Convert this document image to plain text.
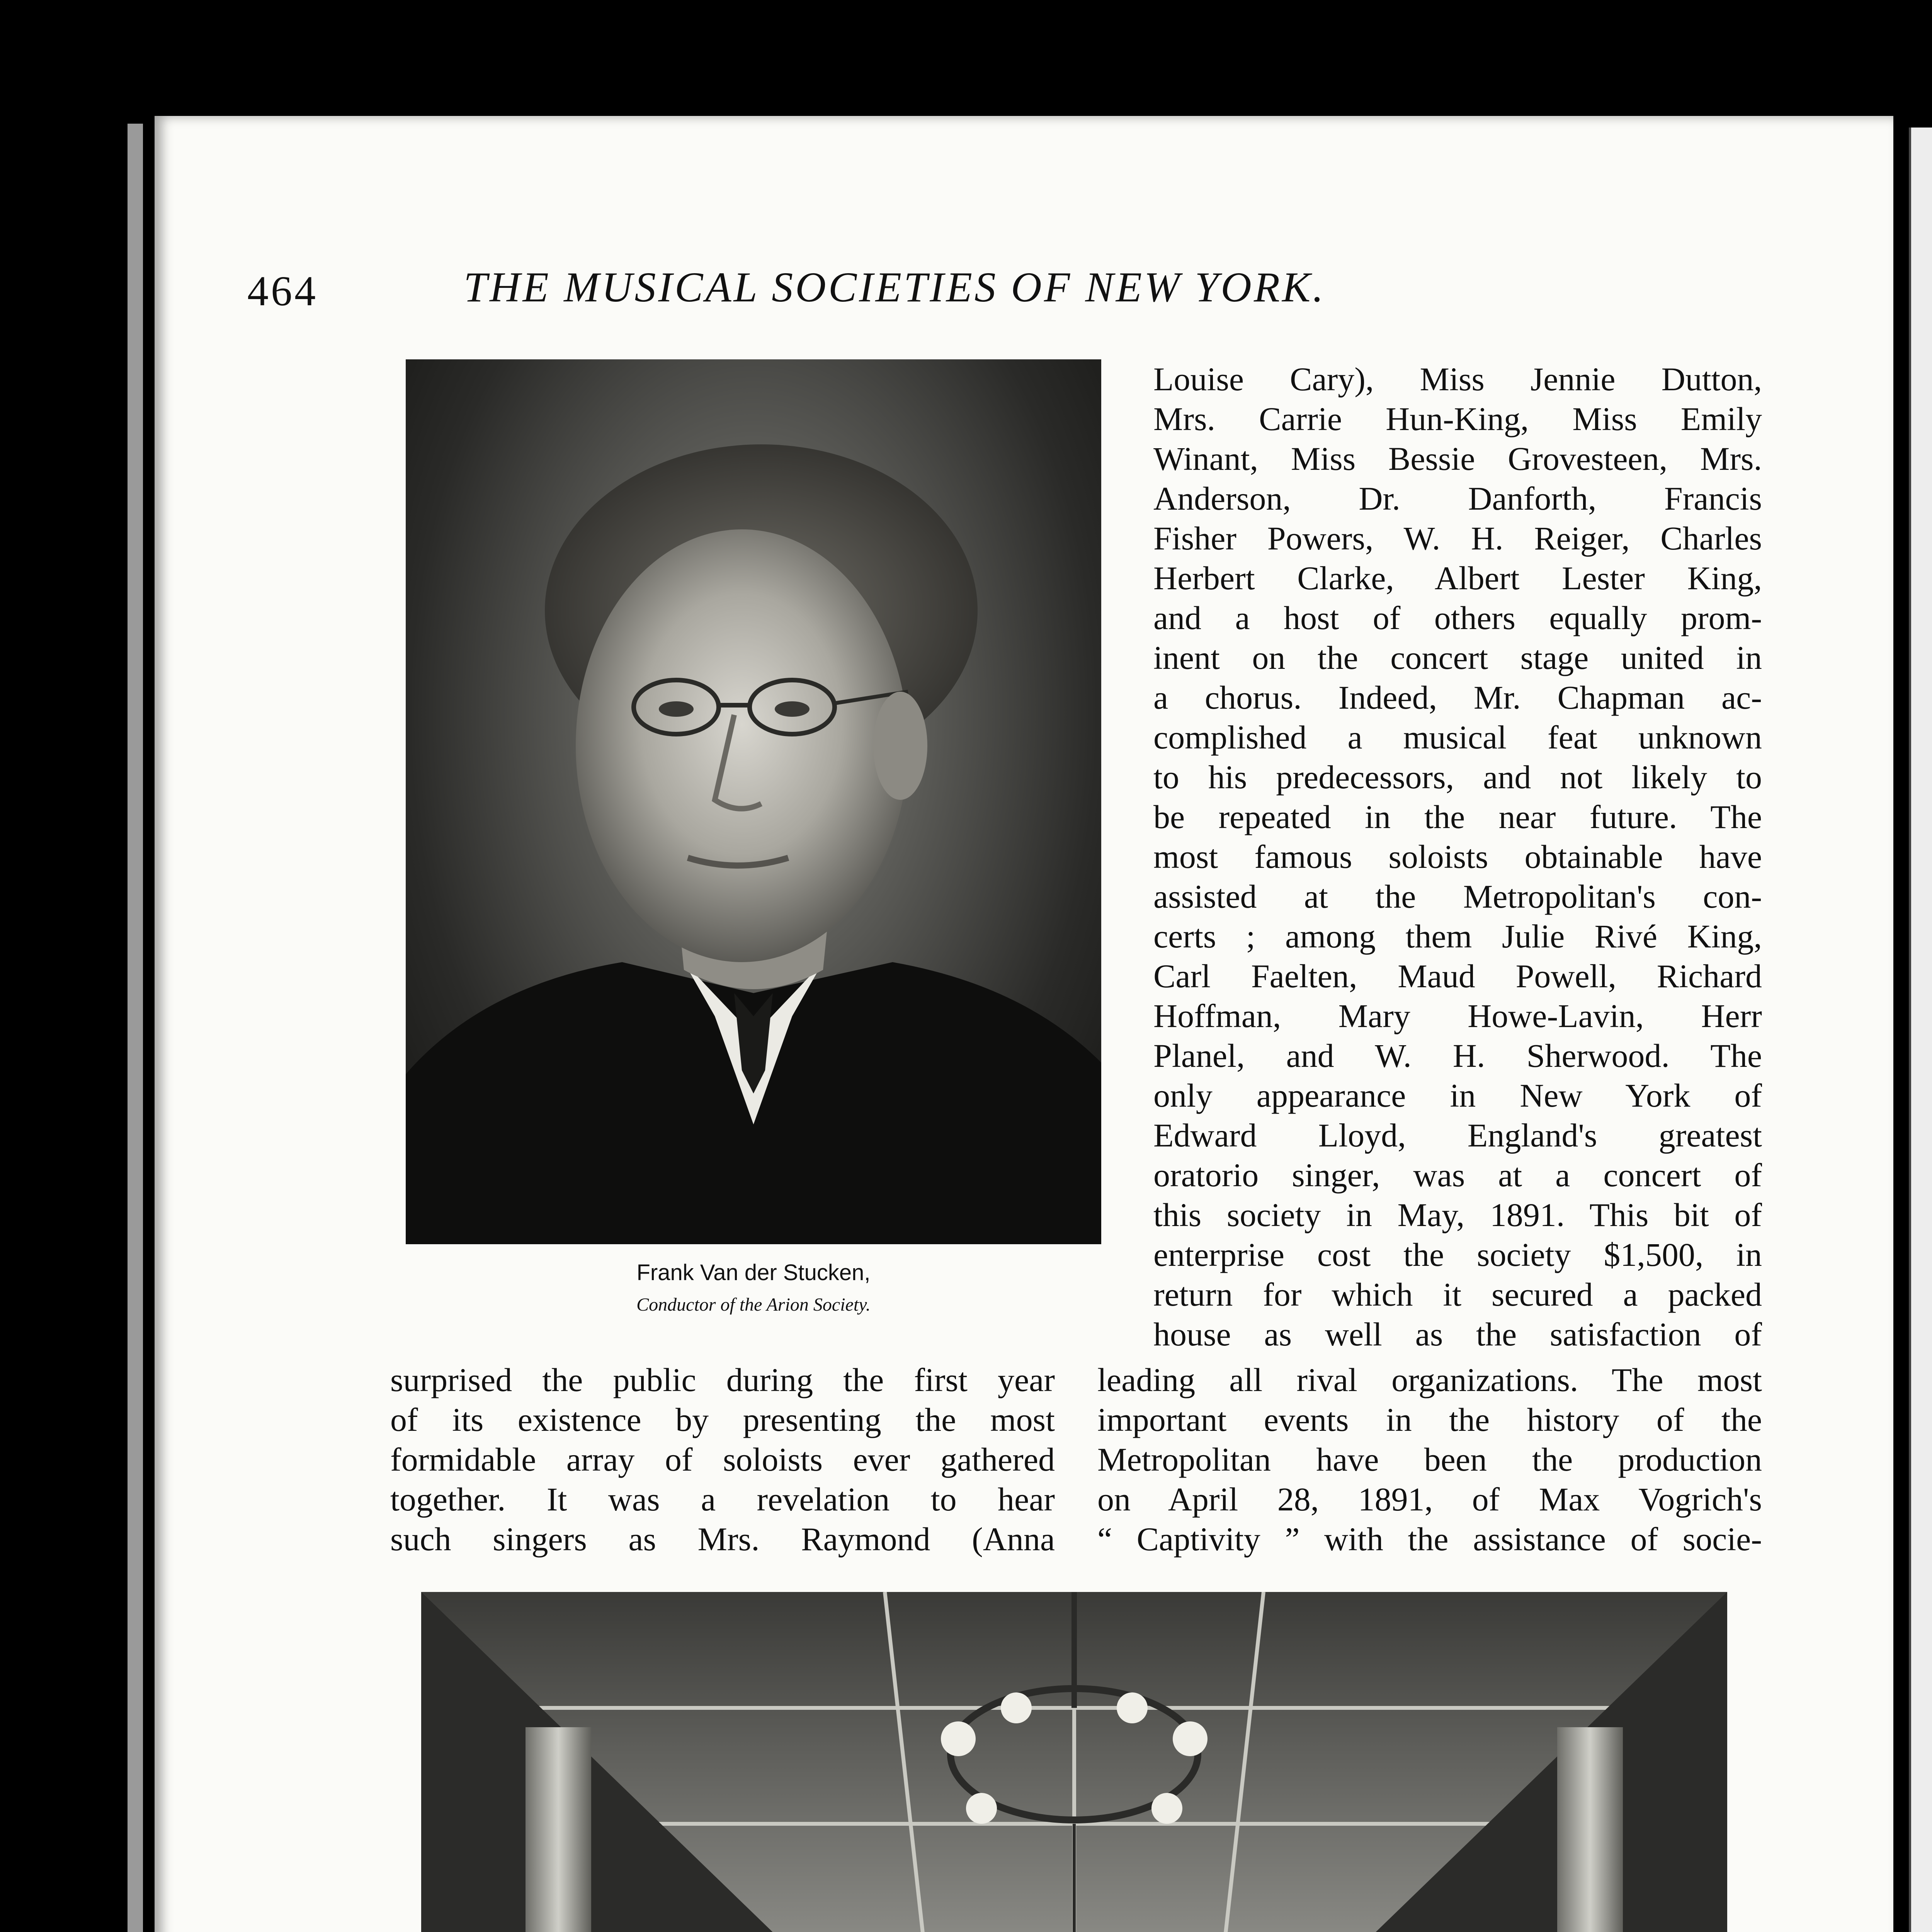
464	THE MUSICAL SOCIETIES OF NEW YORK.
Frank Van der Stucken,
Conductor of the Arion Society.
Louise Cary), Miss Jennie Dutton,
Mrs. Carrie Hun-King, Miss Emily
Winant, Miss Bessie Grovesteen, Mrs.
Anderson, Dr. Danforth, Francis
Fisher Powers, W. H. Reiger, Charles
Herbert Clarke, Albert Lester King,
and a host of others equally prom-
inent on the concert stage united in
a chorus. Indeed, Mr. Chapman ac-
complished a musical feat unknown
to his predecessors, and not likely to
be repeated in the near future. The
most famous soloists obtainable have
assisted at the Metropolitan's con-
certs ; among them Julie Rivé King,
Carl Faelten, Maud Powell, Richard
Hoffman, Mary Howe-Lavin, Herr
Planel, and W. H. Sherwood. The
only appearance in New York of
Edward Lloyd, England's greatest
oratorio singer, was at a concert of
this society in May, 1891. This bit of
enterprise cost the society $1,500, in
return for which it secured a packed
house as well as the satisfaction of
surprised the public during the first year
of its existence by presenting the most
formidable array of soloists ever gathered
together. It was a revelation to hear
such singers as Mrs. Raymond (Anna
leading all rival organizations. The most
important events in the history of the
Metropolitan have been the production
on April 28, 1891, of Max Vogrich's
“ Captivity ” with the assistance of socie-
